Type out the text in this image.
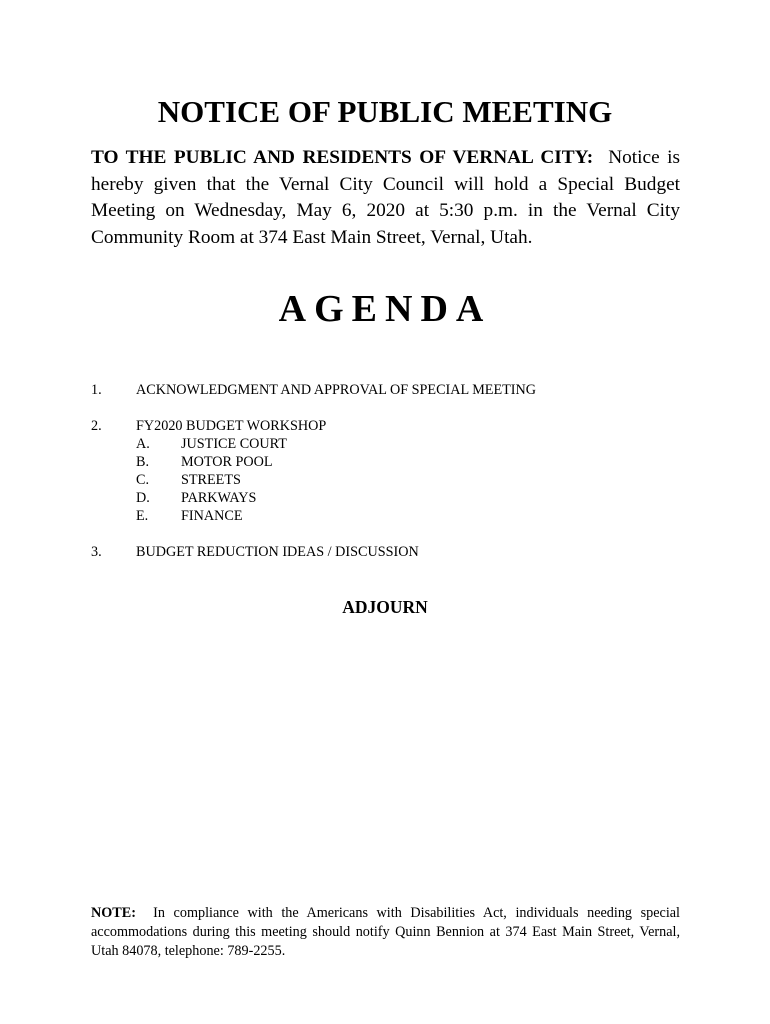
NOTICE OF PUBLIC MEETING
TO THE PUBLIC AND RESIDENTS OF VERNAL CITY: Notice is hereby given that the Vernal City Council will hold a Special Budget Meeting on Wednesday, May 6, 2020 at 5:30 p.m. in the Vernal City Community Room at 374 East Main Street, Vernal, Utah.
AGENDA
1. ACKNOWLEDGMENT AND APPROVAL OF SPECIAL MEETING
2. FY2020 BUDGET WORKSHOP
A. JUSTICE COURT
B. MOTOR POOL
C. STREETS
D. PARKWAYS
E. FINANCE
3. BUDGET REDUCTION IDEAS / DISCUSSION
ADJOURN
NOTE: In compliance with the Americans with Disabilities Act, individuals needing special accommodations during this meeting should notify Quinn Bennion at 374 East Main Street, Vernal, Utah 84078, telephone: 789-2255.
